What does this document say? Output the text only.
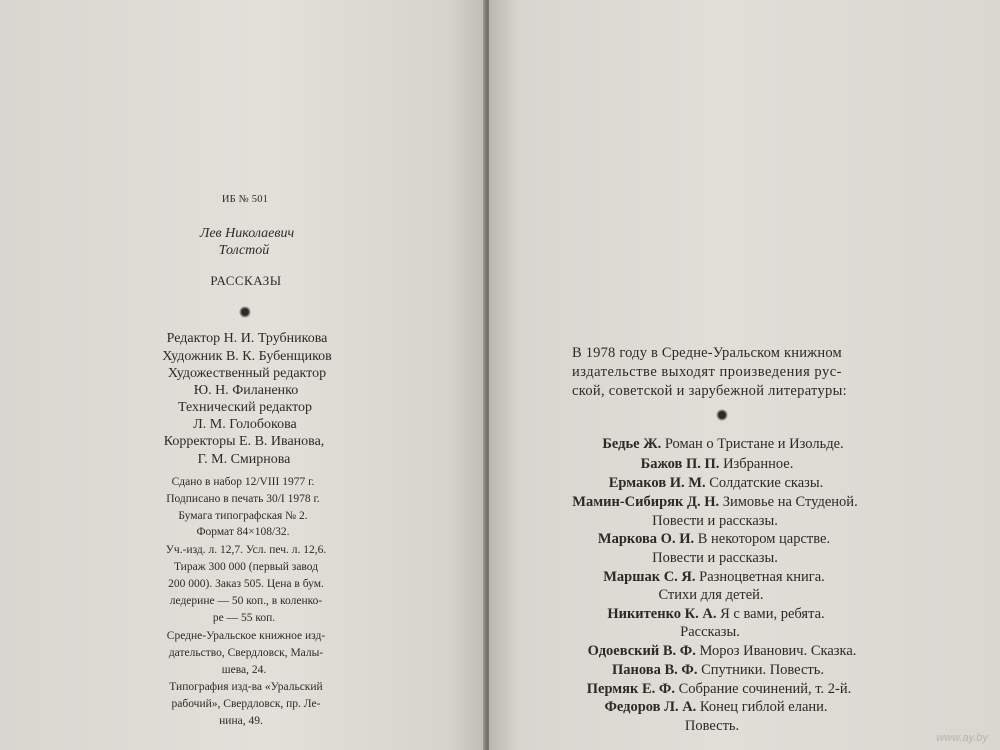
ИБ № 501
Лев Николаевич
Толстой
РАССКАЗЫ
Редактор Н. И. Трубникова
Художник В. К. Бубенщиков
Художественный редактор
Ю. Н. Филаненко
Технический редактор
Л. М. Голобокова
Корректоры Е. В. Иванова,
Г. М. Смирнова
Сдано в набор 12/VIII 1977 г.
Подписано в печать 30/I 1978 г.
Бумага типографская № 2.
Формат 84×108/32.
Уч.-изд. л. 12,7. Усл. печ. л. 12,6.
Тираж 300 000 (первый завод
200 000). Заказ 505. Цена в бум.
ледерине — 50 коп., в коленко-
ре — 55 коп.
Средне-Уральское книжное изд-
дательство, Свердловск, Малы-
шева, 24.
Типография изд-ва «Уральский
рабочий», Свердловск, пр. Ле-
нина, 49.
В 1978 году в Средне-Уральском книжном
издательстве выходят произведения рус-
ской, советской и зарубежной литературы:
Бедье Ж. Роман о Тристане и Изольде.
Бажов П. П. Избранное.
Ермаков И. М. Солдатские сказы.
Мамин-Сибиряк Д. Н. Зимовье на Студеной.
Повести и рассказы.
Маркова О. И. В некотором царстве.
Повести и рассказы.
Маршак С. Я. Разноцветная книга.
Стихи для детей.
Никитенко К. А. Я с вами, ребята.
Рассказы.
Одоевский В. Ф. Мороз Иванович. Сказка.
Панова В. Ф. Спутники. Повесть.
Пермяк Е. Ф. Собрание сочинений, т. 2-й.
Федоров Л. А. Конец гиблой елани.
Повесть.
www.ay.by
